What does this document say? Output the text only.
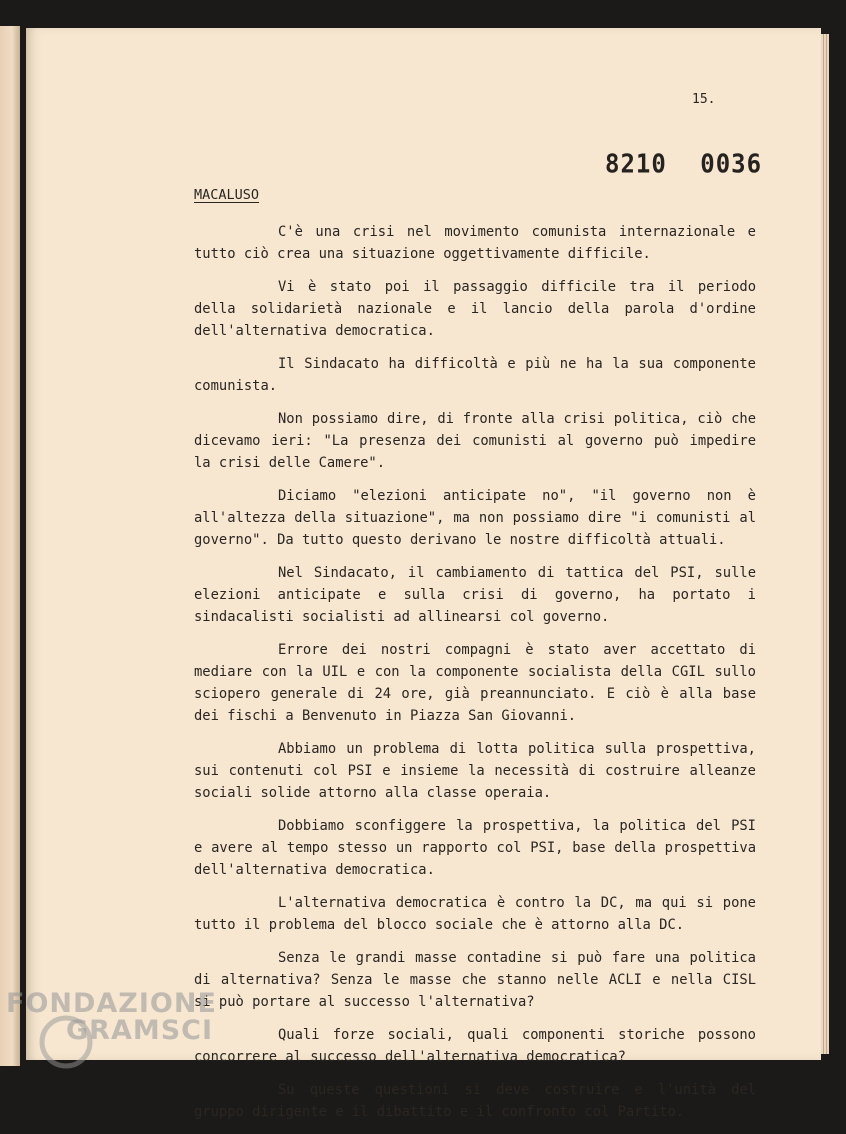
15.
8210 0036
MACALUSO

C'è una crisi nel movimento comunista internazionale e tutto ciò crea una situazione oggettivamente difficile.

Vi è stato poi il passaggio difficile tra il periodo della solidarietà nazionale e il lancio della parola d'ordine dell'alternativa democratica.

Il Sindacato ha difficoltà e più ne ha la sua componente comunista.

Non possiamo dire, di fronte alla crisi politica, ciò che dicevamo ieri: "La presenza dei comunisti al governo può impedire la crisi delle Camere".

Diciamo "elezioni anticipate no", "il governo non è all'altezza della situazione", ma non possiamo dire "i comunisti al governo". Da tutto questo derivano le nostre difficoltà attuali.

Nel Sindacato, il cambiamento di tattica del PSI, sulle elezioni anticipate e sulla crisi di governo, ha portato i sindacalisti socialisti ad allinearsi col governo.

Errore dei nostri compagni è stato aver accettato di mediare con la UIL e con la componente socialista della CGIL sullo sciopero generale di 24 ore, già preannunciato. E ciò è alla base dei fischi a Benvenuto in Piazza San Giovanni.

Abbiamo un problema di lotta politica sulla prospettiva, sui contenuti col PSI e insieme la necessità di costruire alleanze sociali solide attorno alla classe operaia.

Dobbiamo sconfiggere la prospettiva, la politica del PSI e avere al tempo stesso un rapporto col PSI, base della prospettiva dell'alternativa democratica.

L'alternativa democratica è contro la DC, ma qui si pone tutto il problema del blocco sociale che è attorno alla DC.

Senza le grandi masse contadine si può fare una politica di alternativa? Senza le masse che stanno nelle ACLI e nella CISL si può portare al successo l'alternativa?

Quali forze sociali, quali componenti storiche possono concorrere al successo dell'alternativa democratica?

Su queste questioni si deve costruire e l'unità del gruppo dirigente e il dibattito e il confronto col Partito.

FONDAZIONE
GRAMSCI
